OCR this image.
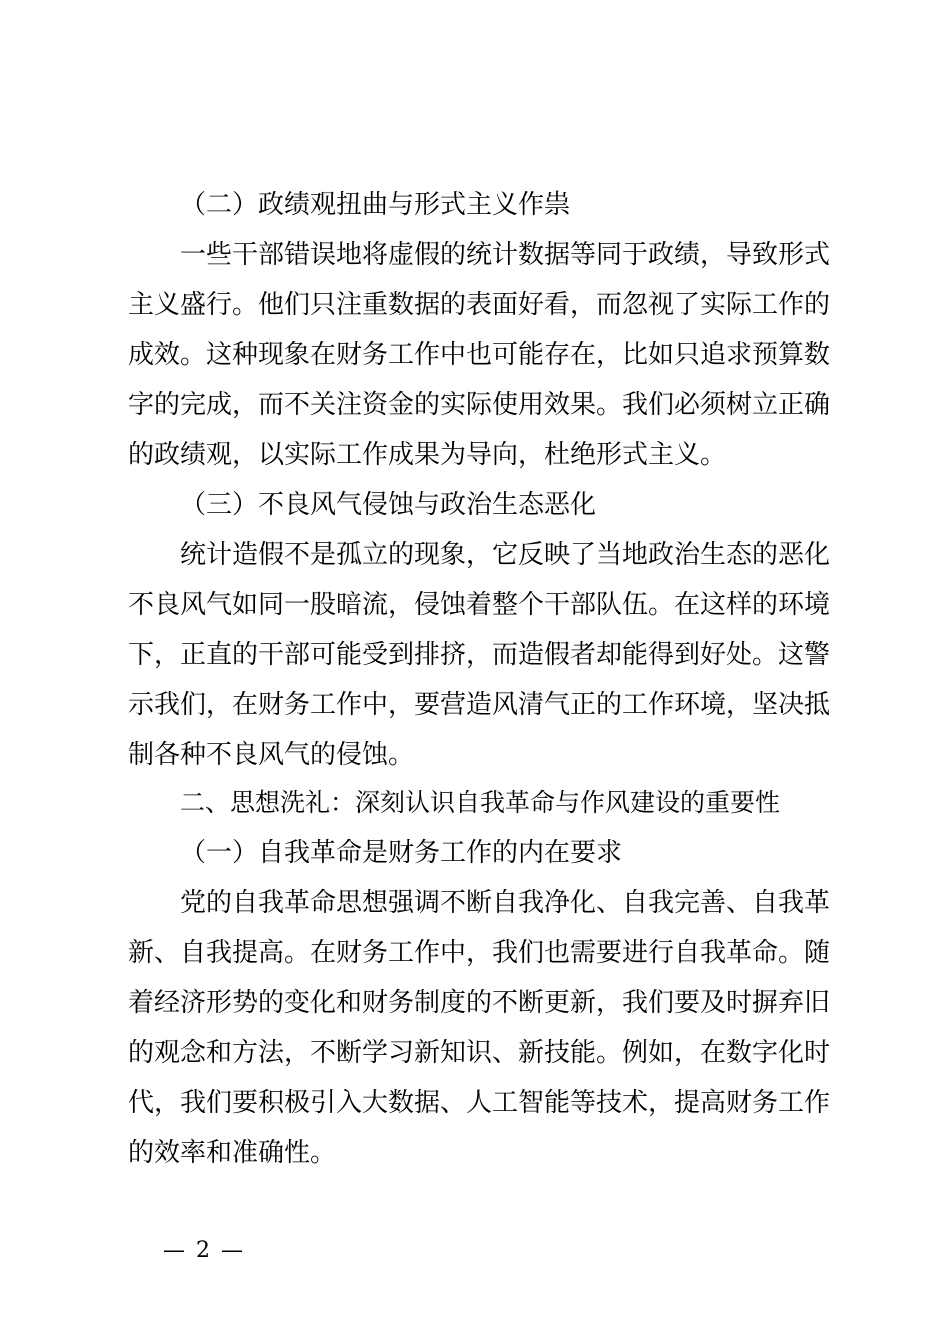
（二）政绩观扭曲与形式主义作祟
一些干部错误地将虚假的统计数据等同于政绩，导致形式
主义盛行。他们只注重数据的表面好看，而忽视了实际工作的
成效。这种现象在财务工作中也可能存在，比如只追求预算数
字的完成，而不关注资金的实际使用效果。我们必须树立正确
的政绩观，以实际工作成果为导向，杜绝形式主义。
（三）不良风气侵蚀与政治生态恶化
统计造假不是孤立的现象，它反映了当地政治生态的恶化
不良风气如同一股暗流，侵蚀着整个干部队伍。在这样的环境
下，正直的干部可能受到排挤，而造假者却能得到好处。这警
示我们，在财务工作中，要营造风清气正的工作环境，坚决抵
制各种不良风气的侵蚀。
二、思想洗礼：深刻认识自我革命与作风建设的重要性
（一）自我革命是财务工作的内在要求
党的自我革命思想强调不断自我净化、自我完善、自我革
新、自我提高。在财务工作中，我们也需要进行自我革命。随
着经济形势的变化和财务制度的不断更新，我们要及时摒弃旧
的观念和方法，不断学习新知识、新技能。例如，在数字化时
代，我们要积极引入大数据、人工智能等技术，提高财务工作
的效率和准确性。
— 2 —
